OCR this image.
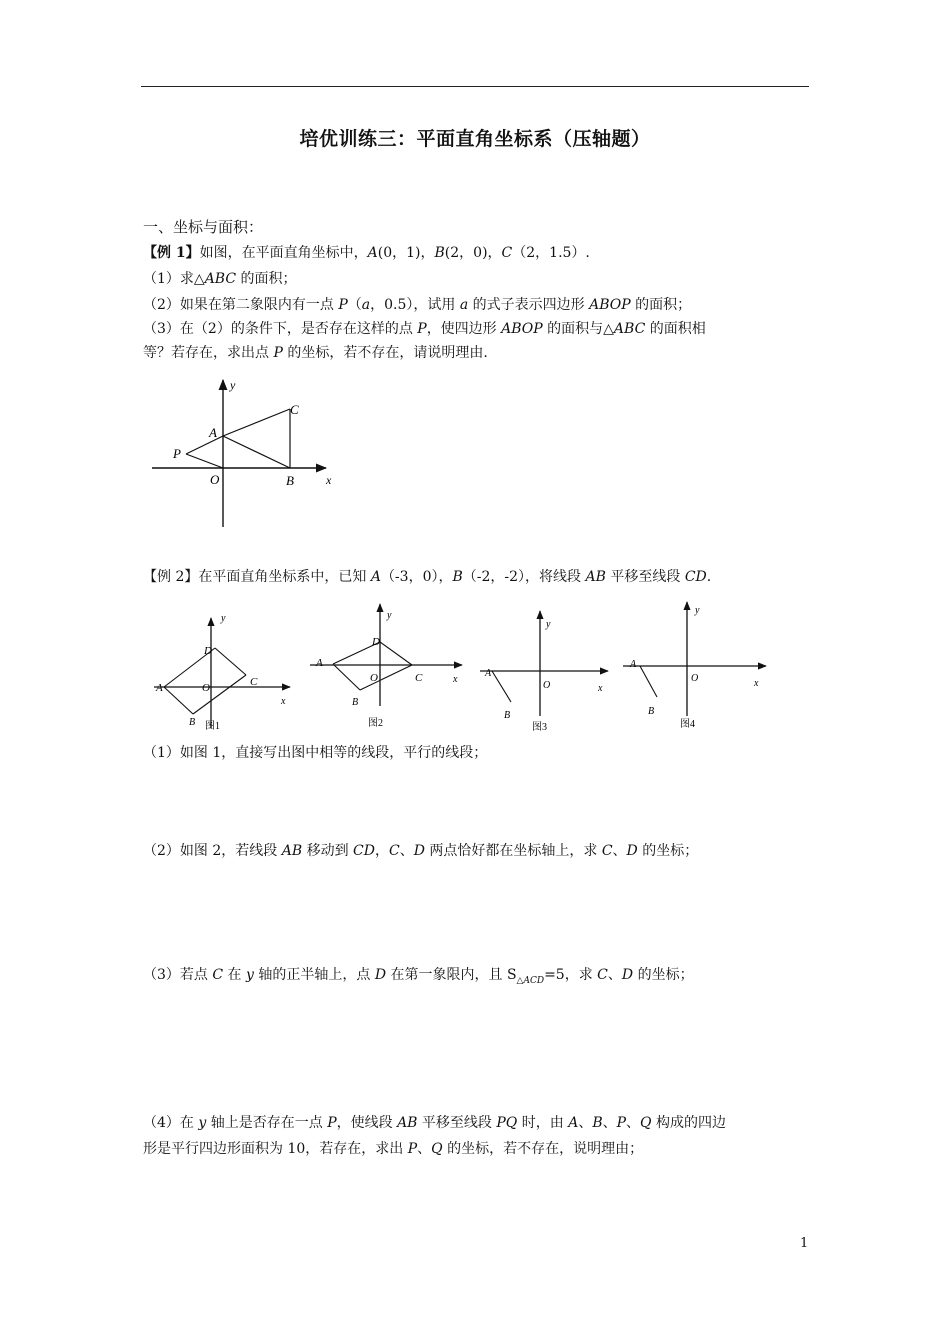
培优训练三：平面直角坐标系（压轴题）
一、坐标与面积：
【例 1】如图，在平面直角坐标中，A(0，1)，B(2，0)，C（2，1.5）.
（1）求△ABC 的面积；
（2）如果在第二象限内有一点 P（a，0.5），试用 a 的式子表示四边形 ABOP 的面积；
（3）在（2）的条件下，是否存在这样的点 P，使四边形 ABOP 的面积与△ABC 的面积相
等？若存在，求出点 P 的坐标，若不存在，请说明理由.
y
x
C
A
P
O	B
【例 2】在平面直角坐标系中，已知 A（-3，0），B（-2，-2），将线段 AB 平移至线段 CD.
y
x
D
A	O	C
B 图1
y
x
D
A
O	C
B
图2
y
x
A
O
B
图3
y
x
A
O
B
图4
（1）如图 1，直接写出图中相等的线段，平行的线段；
（2）如图 2，若线段 AB 移动到 CD，C、D 两点恰好都在坐标轴上，求 C、D 的坐标；
（3）若点 C 在 y 轴的正半轴上，点 D 在第一象限内，且 $S_{\triangle ACD}=5$，求 C、D 的坐标；
（4）在 y 轴上是否存在一点 P，使线段 AB 平移至线段 PQ 时，由 A、B、P、Q 构成的四边
形是平行四边形面积为 10，若存在，求出 P、Q 的坐标，若不存在，说明理由；
1
